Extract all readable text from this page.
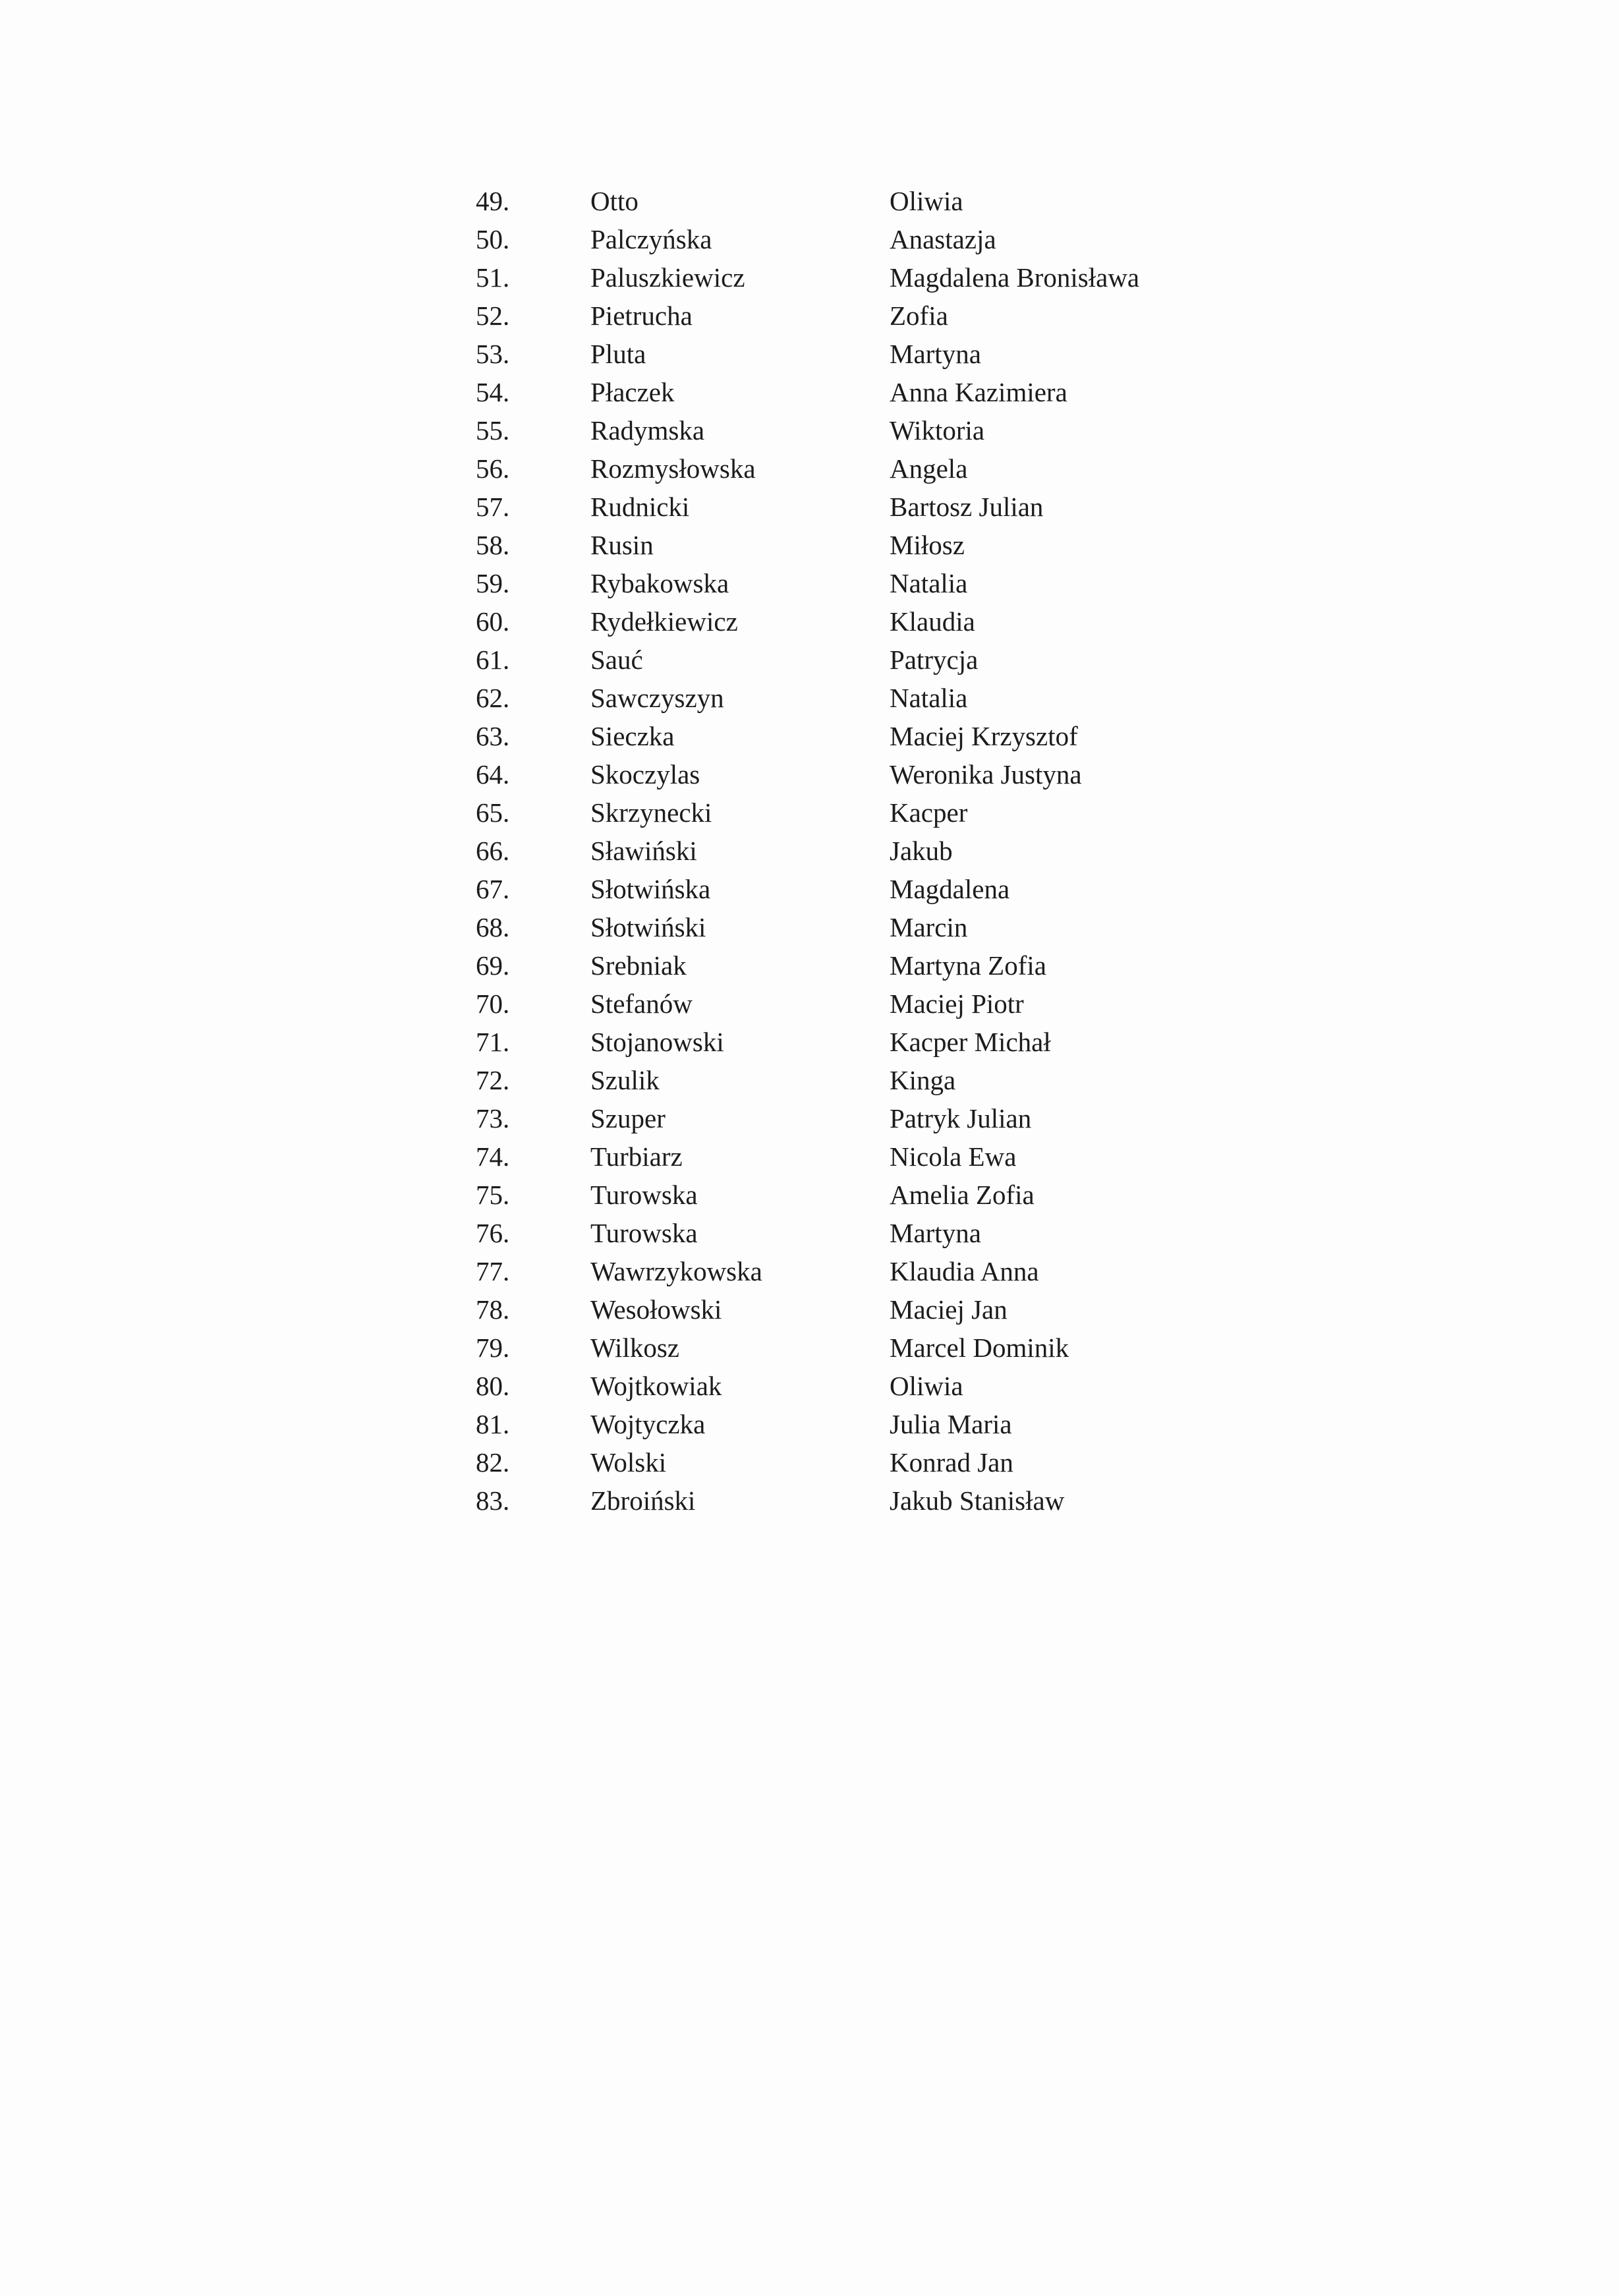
49.	Otto	Oliwia
50.	Palczyńska	Anastazja
51.	Paluszkiewicz	Magdalena Bronisława
52.	Pietrucha	Zofia
53.	Pluta	Martyna
54.	Płaczek	Anna Kazimiera
55.	Radymska	Wiktoria
56.	Rozmysłowska	Angela
57.	Rudnicki	Bartosz Julian
58.	Rusin	Miłosz
59.	Rybakowska	Natalia
60.	Rydełkiewicz	Klaudia
61.	Sauć	Patrycja
62.	Sawczyszyn	Natalia
63.	Sieczka	Maciej Krzysztof
64.	Skoczylas	Weronika Justyna
65.	Skrzynecki	Kacper
66.	Sławiński	Jakub
67.	Słotwińska	Magdalena
68.	Słotwiński	Marcin
69.	Srebniak	Martyna Zofia
70.	Stefanów	Maciej Piotr
71.	Stojanowski	Kacper Michał
72.	Szulik	Kinga
73.	Szuper	Patryk Julian
74.	Turbiarz	Nicola Ewa
75.	Turowska	Amelia Zofia
76.	Turowska	Martyna
77.	Wawrzykowska	Klaudia Anna
78.	Wesołowski	Maciej Jan
79.	Wilkosz	Marcel Dominik
80.	Wojtkowiak	Oliwia
81.	Wojtyczka	Julia Maria
82.	Wolski	Konrad Jan
83.	Zbroiński	Jakub Stanisław
